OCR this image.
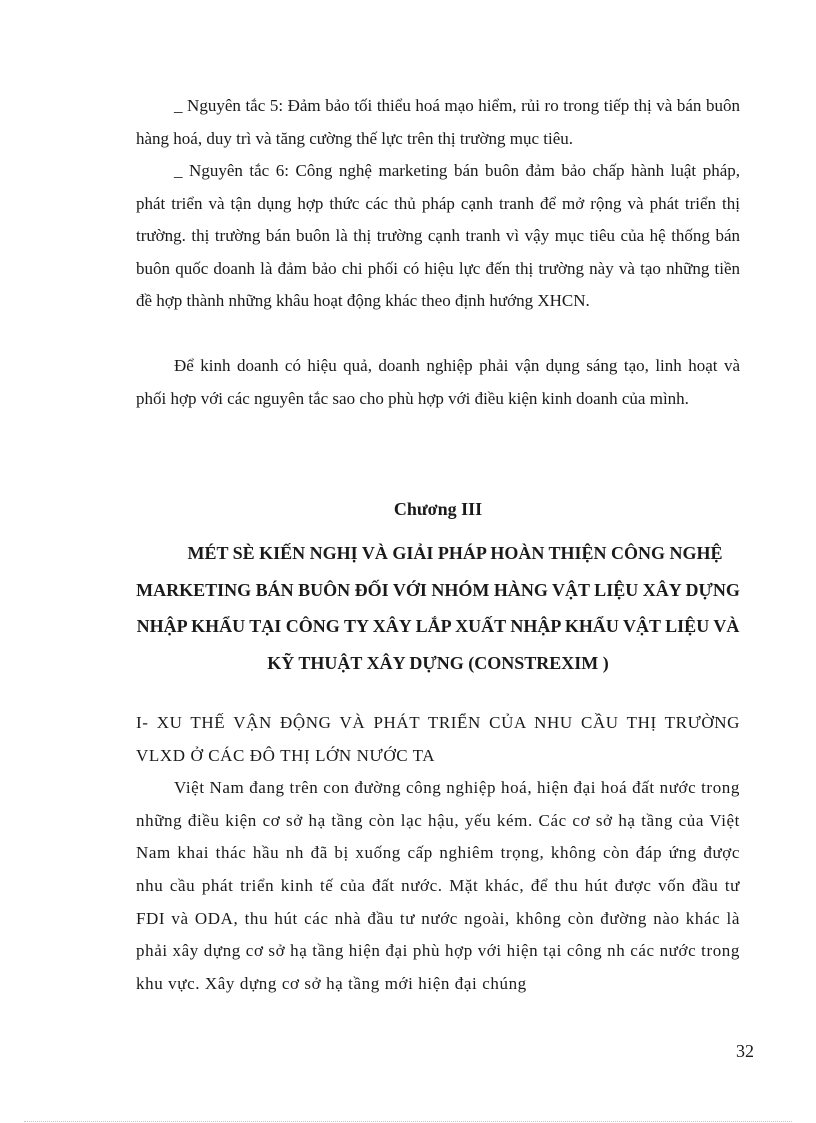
_ Nguyên tắc 5: Đảm bảo tối thiểu hoá mạo hiểm, rủi ro trong tiếp thị và bán buôn hàng hoá, duy trì và tăng cường thế lực trên thị trường mục tiêu.

_ Nguyên tắc 6: Công nghệ marketing bán buôn đảm bảo chấp hành luật pháp, phát triển và tận dụng hợp thức các thủ pháp cạnh tranh để mở rộng và phát triển thị trường. thị trường bán buôn là thị trường cạnh tranh vì vậy mục tiêu của hệ thống bán buôn quốc doanh là đảm bảo chi phối có hiệu lực đến thị trường này và tạo những tiền đề hợp thành những khâu hoạt động khác theo định hướng XHCN.

Để kinh doanh có hiệu quả, doanh nghiệp phải vận dụng sáng tạo, linh hoạt và phối hợp với các nguyên tắc sao cho phù hợp với điều kiện kinh doanh của mình.

Chương III

MÉT SÈ KIẾN NGHỊ VÀ GIẢI PHÁP HOÀN THIỆN CÔNG NGHỆ MARKETING BÁN BUÔN ĐỐI VỚI NHÓM HÀNG VẬT LIỆU XÂY DỰNG NHẬP KHẨU TẠI CÔNG TY XÂY LẮP XUẤT NHẬP KHẨU VẬT LIỆU VÀ KỸ THUẬT XÂY DỰNG (CONSTREXIM )

I- XU THẾ VẬN ĐỘNG VÀ PHÁT TRIỂN CỦA NHU CẦU THỊ TRƯỜNG VLXD Ở CÁC ĐÔ THỊ LỚN NƯỚC TA
Việt Nam đang trên con đường công nghiệp hoá, hiện đại hoá đất nước trong những điều kiện cơ sở hạ tầng còn lạc hậu, yếu kém. Các cơ sở hạ tầng của Việt Nam khai thác hầu nh đã bị xuống cấp nghiêm trọng, không còn đáp ứng được nhu cầu phát triển kinh tế của đất nước. Mặt khác, để thu hút được vốn đầu tư FDI và ODA, thu hút các nhà đầu tư nước ngoài, không còn đường nào khác là phải xây dựng cơ sở hạ tầng hiện đại phù hợp với hiện tại công nh các nước trong khu vực. Xây dựng cơ sở hạ tầng mới hiện đại chúng
32
